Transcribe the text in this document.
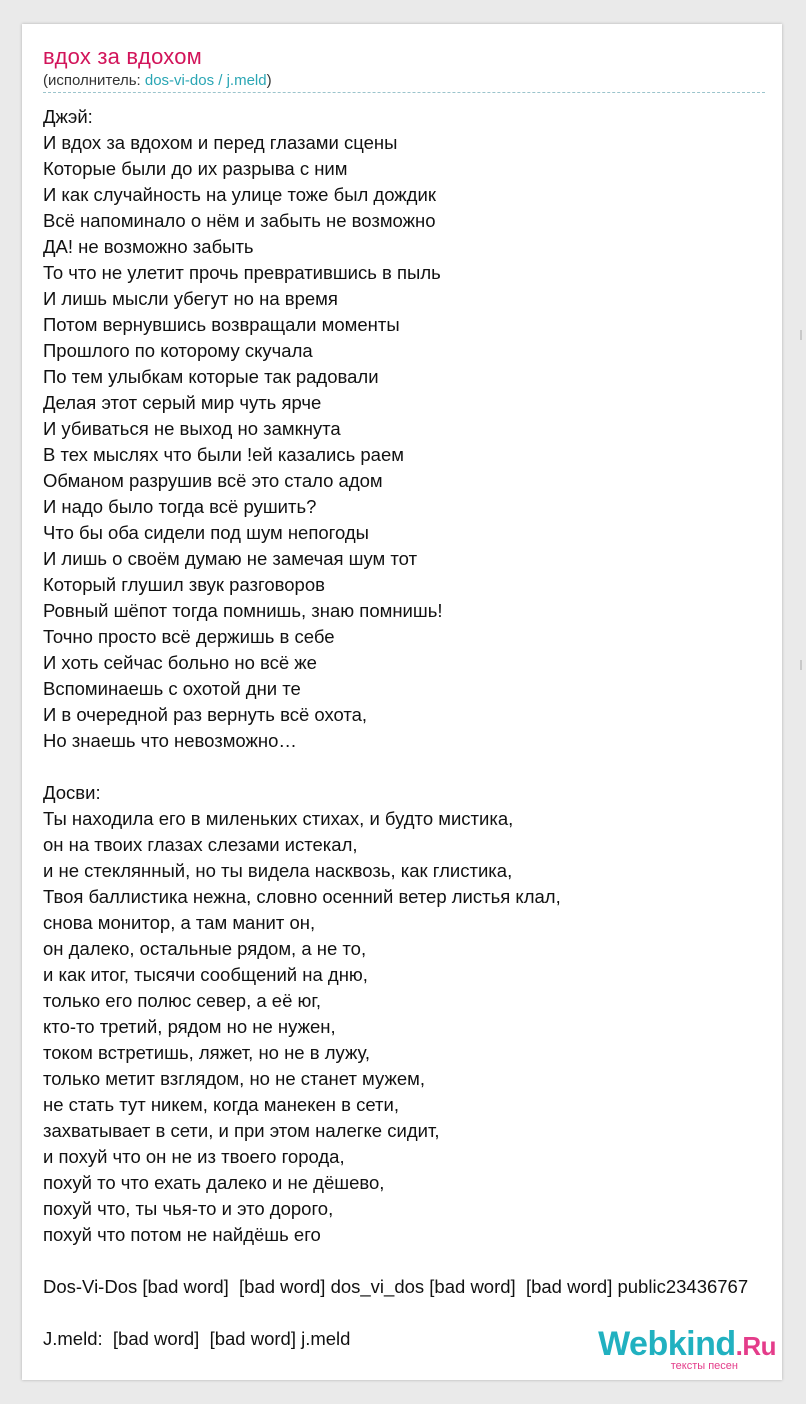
вдох за вдохом
(исполнитель: dos-vi-dos / j.meld)
Джэй:
И вдох за вдохом и перед глазами сцены
Которые были до их разрыва с ним
И как случайность на улице тоже был дождик
Всё напоминало о нём и забыть не возможно
ДА! не возможно забыть
То что не улетит прочь превратившись в пыль
И лишь мысли убегут но на время
Потом вернувшись возвращали моменты
Прошлого по которому скучала
По тем улыбкам которые так радовали
Делая этот серый мир чуть ярче
И убиваться не выход но замкнута
В тех мыслях что были !ей казались раем
Обманом разрушив всё это стало адом
И надо было тогда всё рушить?
Что бы оба сидели под шум непогоды
И лишь о своём думаю не замечая шум тот
Который глушил звук разговоров
Ровный шёпот тогда помнишь, знаю помнишь!
Точно просто всё держишь в себе
И хоть сейчас больно но всё же
Вспоминаешь с охотой дни те
И в очередной раз вернуть всё охота,
Но знаешь что невозможно…
Досви:
Ты находила его в миленьких стихах, и будто мистика,
он на твоих глазах слезами истекал,
и не стеклянный, но ты видела насквозь, как глистика,
Твоя баллистика нежна, словно осенний ветер листья клал,
снова монитор, а там манит он,
он далеко, остальные рядом, а не то,
и как итог, тысячи сообщений на дню,
только его полюс север, а её юг,
кто-то третий, рядом но не нужен,
током встретишь, ляжет, но не в лужу,
только метит взглядом, но не станет мужем,
не стать тут никем, когда манекен в сети,
захватывает в сети, и при этом налегке сидит,
и похуй что он не из твоего города,
похуй то что ехать далеко и не дёшево,
похуй что, ты чья-то и это дорого,
похуй что потом не найдёшь его
Dos-Vi-Dos [bad word]  [bad word] dos_vi_dos [bad word]  [bad word] public23436767
J.meld:  [bad word]  [bad word] j.meld	Webkind.Ru
тексты песен
